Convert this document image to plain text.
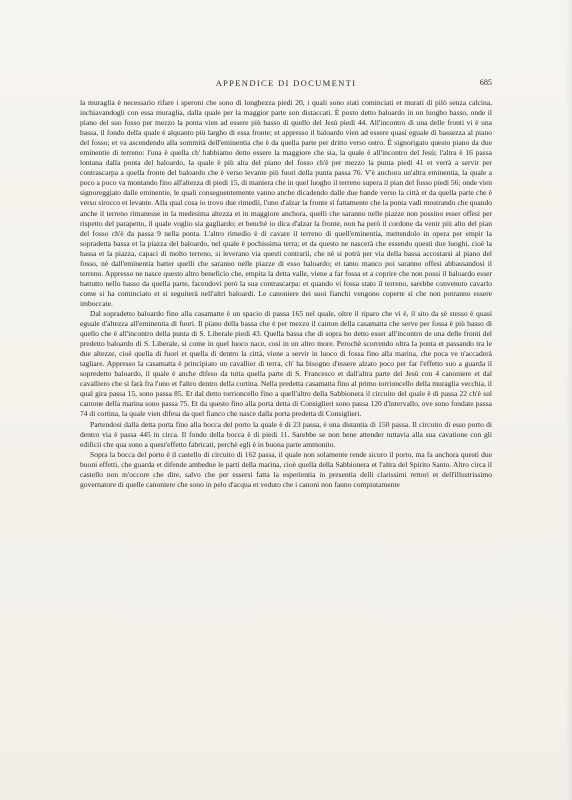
APPENDICE DI DOCUMENTI	685

la muraglia è necessario rifare i speroni che sono di longhezza piedi 20, i quali sono stati cominciati et murati di pilò senza calcina, inchiavandogli con essa muraglia, dalla quale per la maggior parte son distaccati. È posto detto baloardo in un luogho basso, onde il piano del suo fosso per mezzo la ponta vien ad essere più basso di quello del Jesù piedi 44. All'incontro di una delle fronti vi è una bassa, il fondo della quale è alquanto più largho di essa fronte; et appresso il baloardo vien ad essere quasi eguale di bassezza al piano del fosso; et va ascendendo alla sommità dell'eminentia che è da quella parte per dritto verso ostro. È signorigato questo piano da due eminentie di terreno: l'una è quella ch' habbiamo detto essere la maggiore che sia, la quale è all'incontro del Jesù; l'altra è 16 passa lontana dalla ponta del baloardo, la quale è più alta del piano del fosso ch'è per mezzo la punta piedi 41 et verrà a servir per contrascarpa a quella fronte del baloardo che è verso levante più fuori della punta passa 76. V'è anchora un'altra eminentia, la quale a poco a poco va montando fino all'altezza di piedi 15, di maniera che in quel luogho il terreno supera il pian del fosso piedi 56; onde vien signoreggiato dalle eminentie, le quali conseguentemente vanno anche dicadendo dalle due bande verso la città et da quella parte che è verso sirocco et levante. Alla qual cosa io trovo due rimedii, l'uno d'alzar la fronte sì fattamente che la ponta vadi mostrando che quando anche il terreno rimanesse in la medesima altezza et in maggiore anchora, quelli che saranno nelle piazze non possino esser offesi per rispetto del parapetto, il quale voglio sia gagliardo; et benchè io dica d'alzar la fronte, non ha però il cordone da venir più alto del pian del fosso ch'è da passa 9 nella ponta. L'altro rimedio è di cavare il terreno di quell'eminentia, mettendolo in opera per empir la sopradetta bassa et la piazza del baloardo, nel quale è pochissima terra; et da questo ne nascerà che essendo questi due luoghi, cioè la bassa et la piazza, capaci di molto terreno, si leverano via questi contrarii, che nè si potrà per via della bassa accostarsi al piano del fosso, nè dall'eminentia batter quelli che saranno nelle piazze di esso baloardo; et tanto manco poi saranno offesi abbassandosi il terreno. Appresso ne nasce questo altro beneficio che, empita la detta valle, viene a far fossa et a coprire che non possi il baloardo esser battutto nello basso da quella parte, facendovi però la sua contrascarpa: et quando vi fossa stato il terreno, sarebbe convenuto cavarlo come si ha cominciato et si seguiterà nell'altri baloardi. Le canoniere dei suoi fianchi vengono coperte sì che non potranno essere imboccate.

Dal sopradetto baloardo fino alla casamatte è un spacio di passa 165 nel quale, oltre il riparo che vi è, il sito da sè stesso è quasi eguale d'altezza all'eminentia di fuori. Il piano della bassa che è per mezzo il canton della casamatta che serve per fossa è più basso di quello che è all'incontro della punta di S. Liberale piedi 43. Quella bassa che di sopra ho detto esser all'incontro de una delle fronti del predetto baloardo di S. Liberale, si come in quel luoco nace, così in un altro more. Perochè scorrendo oltra la ponta et passando tra le due altezze, cioè quella di fuori et quella di dentro la città, viene a servir in luoco di fossa fino alla marina, che poca ve n'accaderà tagliare. Appresso la casamatta è principiato un cavallier di terra, ch' ha bisogno d'essere alzato poco per far l'effetto suo a guarda il sopredetto baloardo, il quale è anche difeso da tutta quella parte di S. Francesco et dall'altra parte del Jesù con 4 canoniere et dal cavalliero che si farà fra l'uno et l'altro dentro della cortina. Nella predetta casamatta fino al primo torrioncello della muraglia vecchia, il qual gira passa 15, sono passa 85. Et dal detto torrioncello fino a quell'altro della Sabbionera il circuito del quale è di passa 22 ch'è sul cantone della marina sono passa 75. Et da questo fino alla porta detta di Consiglieri sono passa 120 d'intervallo, ove sono fondate passa 74 di cortina, la quale vien difesa da quel fianco che nasce dalla porta predetta di Consiglieri.

Partendosi dalla detta porta fino alla bocca del porto la quale è di 23 passa, è una distantia di 150 passa. Il circuito di esso porto di dentro via è passa 445 in circa. Il fondo della bocca è di piedi 11. Sarebbe se non bene attender tuttavia alla sua cavatione con gli edificii che qua sono a quest'effetto fabricati, perchè egli è in buona parte ammonito.

Sopra la bocca del porto è il castello di circuito di 162 passa, il quale non solamente rende sicuro il porto, ma fa anchora questi due buoni effetti, che guarda et difende ambedue le parti della marina, cioè quella della Sabbionera et l'altra del Spirito Santo. Altro circa il castello non m'occore che dire, salvo che per essersi fatta la esperientia in presentia delli clarissimi rettori et dell'illustrissimo governatore di quelle canoniere che sono in pelo d'acqua et veduto che i canoni non fanno compiutamente
